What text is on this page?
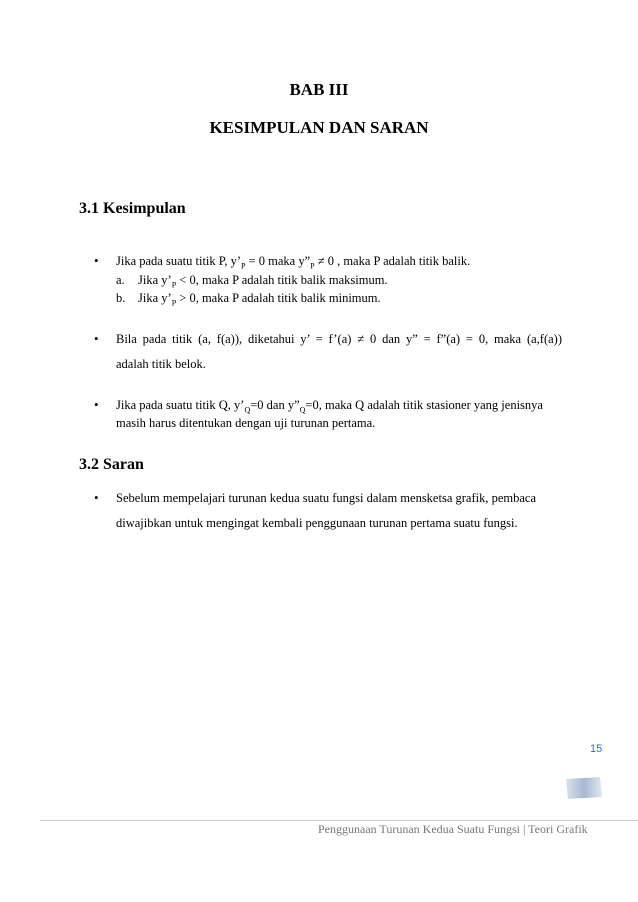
BAB III
KESIMPULAN DAN SARAN
3.1 Kesimpulan
• Jika pada suatu titik P, $y’_P = 0$ maka $y”_P \ne 0$ , maka P adalah titik balik.
a. Jika $y’_P < 0$, maka P adalah titik balik maksimum.
b. Jika $y’_P > 0$, maka P adalah titik balik minimum.
• Bila pada titik (a, f(a)), diketahui y’ = f’(a) ≠ 0 dan y” = f”(a) = 0, maka (a,f(a))
adalah titik belok.
• Jika pada suatu titik Q, $y’_Q=0$ dan $y”_Q=0$, maka Q adalah titik stasioner yang jenisnya
masih harus ditentukan dengan uji turunan pertama.
3.2 Saran
• Sebelum mempelajari turunan kedua suatu fungsi dalam mensketsa grafik, pembaca
diwajibkan untuk mengingat kembali penggunaan turunan pertama suatu fungsi.
15
Penggunaan Turunan Kedua Suatu Fungsi | Teori Grafik
